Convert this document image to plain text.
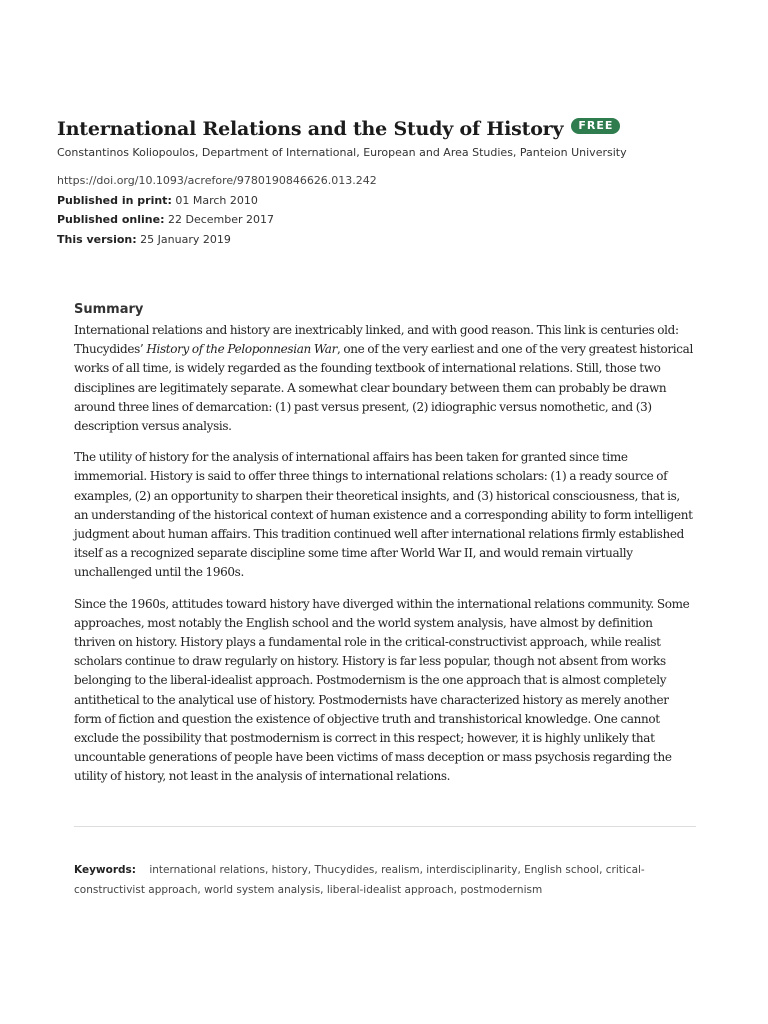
International Relations and the Study of History	FREE
Constantinos Koliopoulos, Department of International, European and Area Studies, Panteion University
https://doi.org/10.1093/acrefore/9780190846626.013.242
Published in print: 01 March 2010
Published online: 22 December 2017
This version: 25 January 2019
Summary

International relations and history are inextricably linked, and with good reason. This link is centuries old: Thucydides’ History of the Peloponnesian War, one of the very earliest and one of the very greatest historical works of all time, is widely regarded as the founding textbook of international relations. Still, those two disciplines are legitimately separate. A somewhat clear boundary between them can probably be drawn around three lines of demarcation: (1) past versus present, (2) idiographic versus nomothetic, and (3) description versus analysis.

The utility of history for the analysis of international affairs has been taken for granted since time immemorial. History is said to offer three things to international relations scholars: (1) a ready source of examples, (2) an opportunity to sharpen their theoretical insights, and (3) historical consciousness, that is, an understanding of the historical context of human existence and a corresponding ability to form intelligent judgment about human affairs. This tradition continued well after international relations firmly established itself as a recognized separate discipline some time after World War II, and would remain virtually unchallenged until the 1960s.

Since the 1960s, attitudes toward history have diverged within the international relations community. Some approaches, most notably the English school and the world system analysis, have almost by definition thriven on history. History plays a fundamental role in the critical-constructivist approach, while realist scholars continue to draw regularly on history. History is far less popular, though not absent from works belonging to the liberal-idealist approach. Postmodernism is the one approach that is almost completely antithetical to the analytical use of history. Postmodernists have characterized history as merely another form of fiction and question the existence of objective truth and transhistorical knowledge. One cannot exclude the possibility that postmodernism is correct in this respect; however, it is highly unlikely that uncountable generations of people have been victims of mass deception or mass psychosis regarding the utility of history, not least in the analysis of international relations.

Keywords: international relations, history, Thucydides, realism, interdisciplinarity, English school, critical-constructivist approach, world system analysis, liberal-idealist approach, postmodernism
